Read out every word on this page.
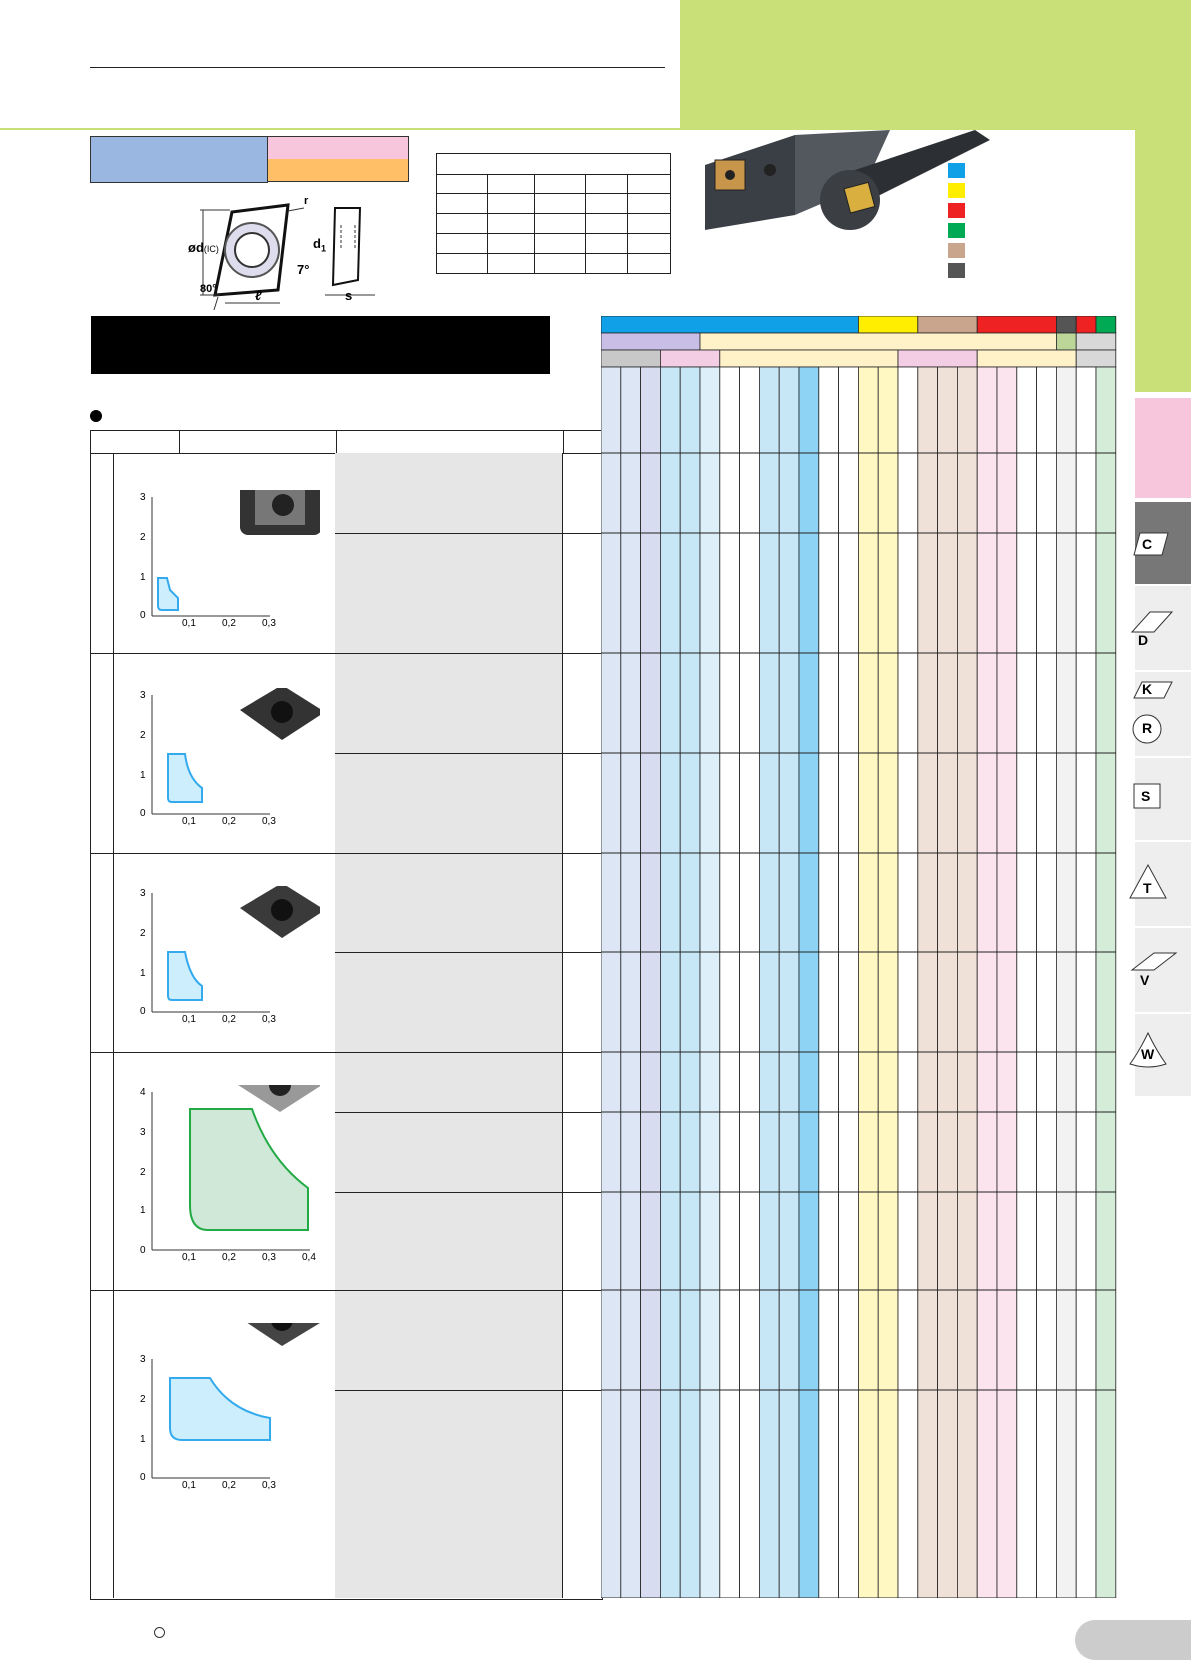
ød(IC)
r
$d_1$
7°
80°	ℓ	s
3
2
1
0
0,1	0,2	0,3
3
2
1
0
0,1	0,2	0,3
3
2
1
0
0,1	0,2	0,3
4
3
2
1
0
0,1	0,2	0,3	0,4
3
2
1
0
0,1	0,2	0,3
C
D
K
R
S
T
V
W
